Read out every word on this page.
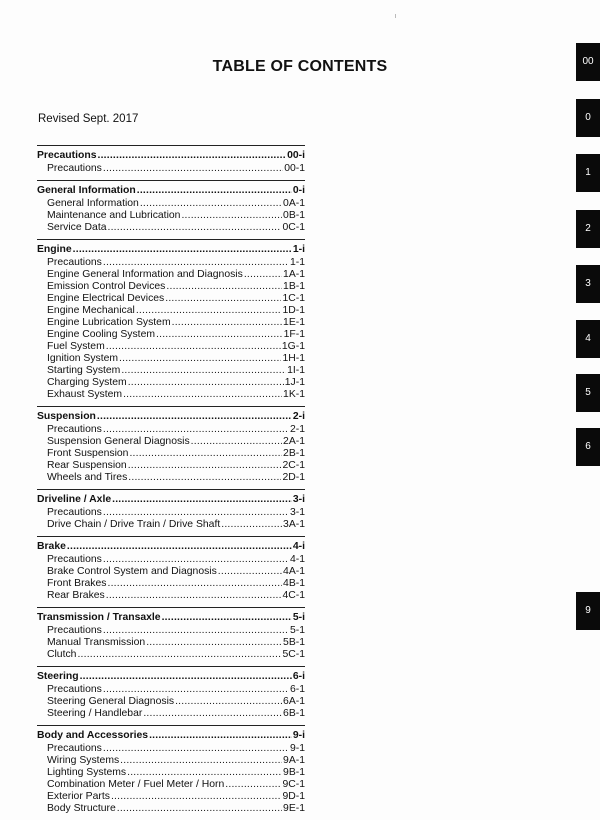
TABLE OF CONTENTS
Revised Sept. 2017
Precautions .....	00-i
Precautions .....	00-1
General Information .....	0-i
General Information .....	0A-1
Maintenance and Lubrication .....	0B-1
Service Data .....	0C-1
Engine .....	1-i
Precautions .....	1-1
Engine General Information and Diagnosis .....	1A-1
Emission Control Devices .....	1B-1
Engine Electrical Devices .....	1C-1
Engine Mechanical .....	1D-1
Engine Lubrication System .....	1E-1
Engine Cooling System .....	1F-1
Fuel System .....	1G-1
Ignition System .....	1H-1
Starting System .....	1I-1
Charging System .....	1J-1
Exhaust System .....	1K-1
Suspension .....	2-i
Precautions .....	2-1
Suspension General Diagnosis .....	2A-1
Front Suspension .....	2B-1
Rear Suspension .....	2C-1
Wheels and Tires .....	2D-1
Driveline / Axle .....	3-i
Precautions .....	3-1
Drive Chain / Drive Train / Drive Shaft .....	3A-1
Brake .....	4-i
Precautions .....	4-1
Brake Control System and Diagnosis .....	4A-1
Front Brakes .....	4B-1
Rear Brakes .....	4C-1
Transmission / Transaxle .....	5-i
Precautions .....	5-1
Manual Transmission .....	5B-1
Clutch .....	5C-1
Steering .....	6-i
Precautions .....	6-1
Steering General Diagnosis .....	6A-1
Steering / Handlebar .....	6B-1
Body and Accessories .....	9-i
Precautions .....	9-1
Wiring Systems .....	9A-1
Lighting Systems .....	9B-1
Combination Meter / Fuel Meter / Horn .....	9C-1
Exterior Parts .....	9D-1
Body Structure .....	9E-1
00
0
1
2
3
4
5
6
9
